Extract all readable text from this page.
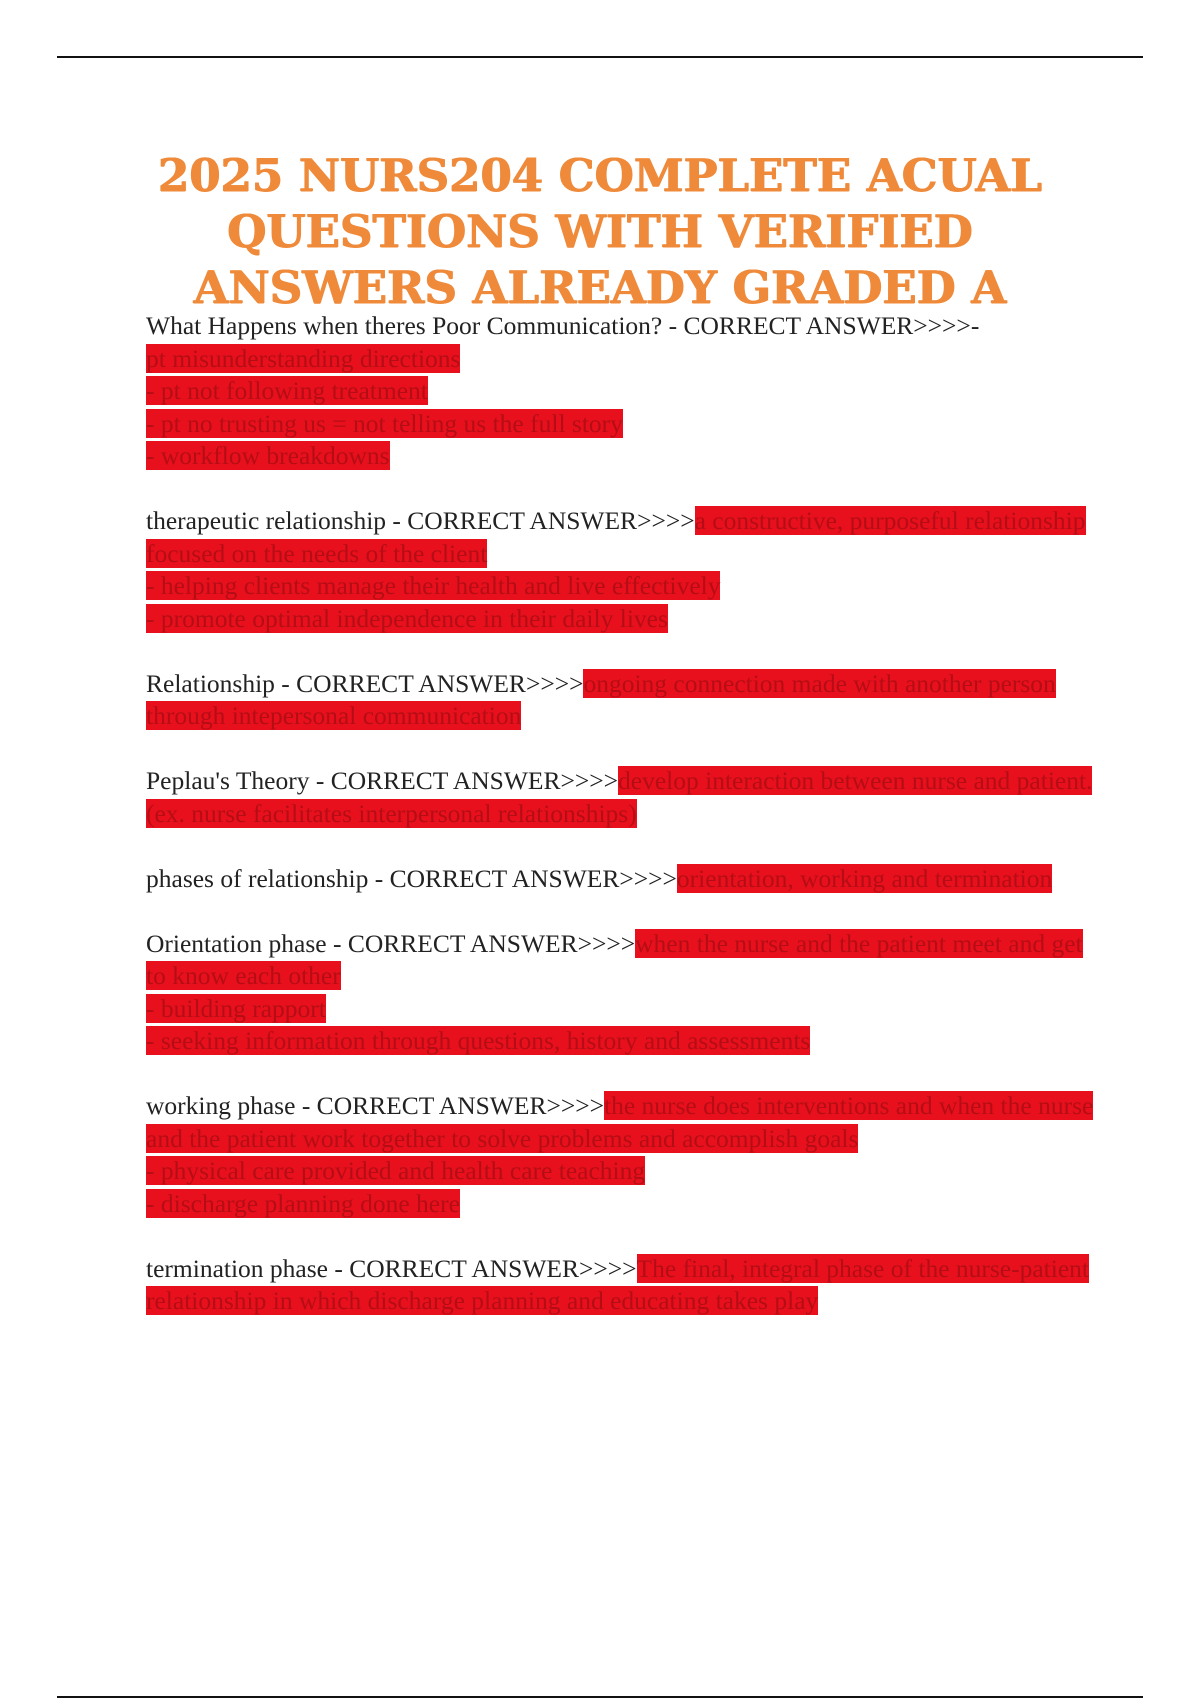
2025 NURS204 COMPLETE ACUAL QUESTIONS WITH VERIFIED ANSWERS ALREADY GRADED A

What Happens when theres Poor Communication? - CORRECT ANSWER>>>>-
pt misunderstanding directions
- pt not following treatment
- pt no trusting us = not telling us the full story
- workflow breakdowns

therapeutic relationship - CORRECT ANSWER>>>>a constructive, purposeful relationship focused on the needs of the client
- helping clients manage their health and live effectively
- promote optimal independence in their daily lives

Relationship - CORRECT ANSWER>>>>ongoing connection made with another person through intepersonal communication

Peplau's Theory - CORRECT ANSWER>>>>develop interaction between nurse and patient. (ex. nurse facilitates interpersonal relationships)

phases of relationship - CORRECT ANSWER>>>>orientation, working and termination

Orientation phase - CORRECT ANSWER>>>>when the nurse and the patient meet and get to know each other
- building rapport
- seeking information through questions, history and assessments

working phase - CORRECT ANSWER>>>>the nurse does interventions and when the nurse and the patient work together to solve problems and accomplish goals
- physical care provided and health care teaching
- discharge planning done here

termination phase - CORRECT ANSWER>>>>The final, integral phase of the nurse-patient relationship in which discharge planning and educating takes play
